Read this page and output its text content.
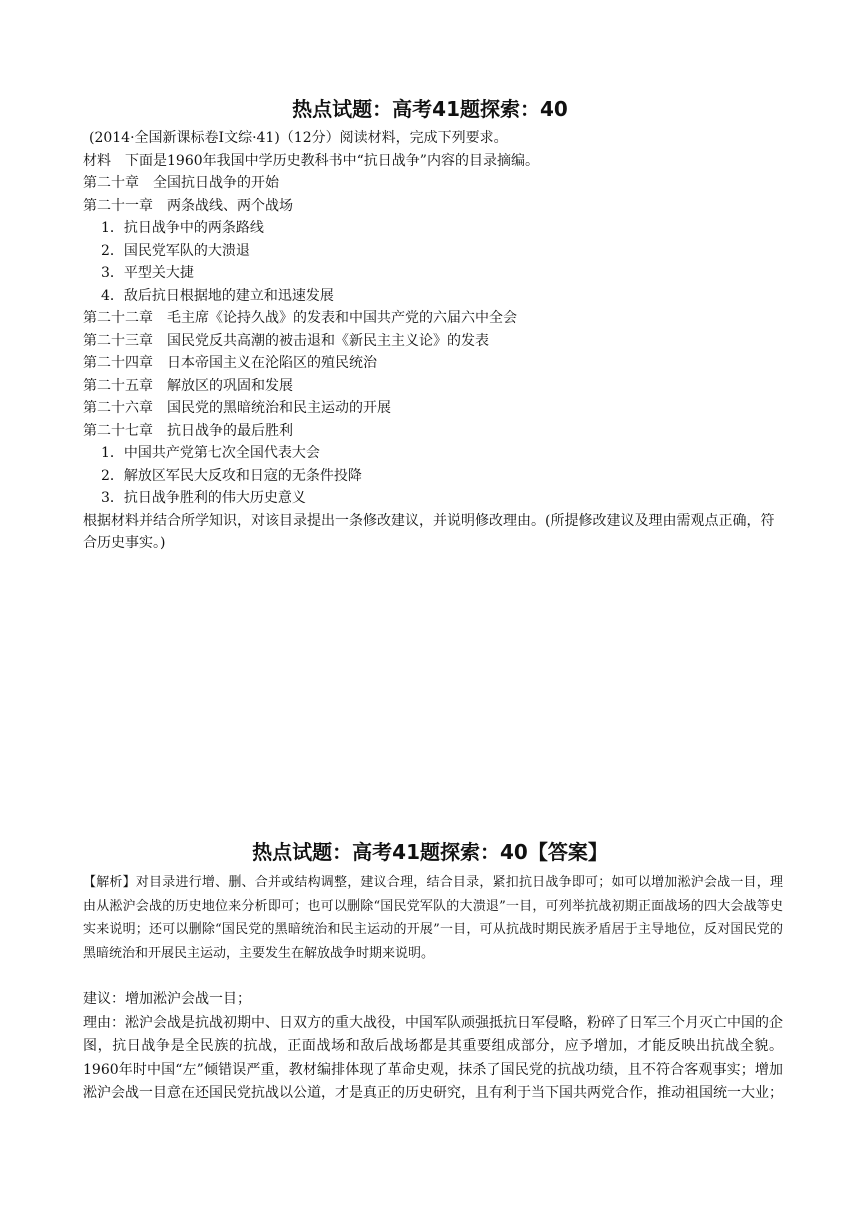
热点试题：高考41题探索：40
(2014·全国新课标卷Ⅰ文综·41)（12分）阅读材料，完成下列要求。
材料　下面是1960年我国中学历史教科书中“抗日战争”内容的目录摘编。
第二十章　全国抗日战争的开始
第二十一章　两条战线、两个战场
1．抗日战争中的两条路线
2．国民党军队的大溃退
3．平型关大捷
4．敌后抗日根据地的建立和迅速发展
第二十二章　毛主席《论持久战》的发表和中国共产党的六届六中全会
第二十三章　国民党反共高潮的被击退和《新民主主义论》的发表
第二十四章　日本帝国主义在沦陷区的殖民统治
第二十五章　解放区的巩固和发展
第二十六章　国民党的黑暗统治和民主运动的开展
第二十七章　抗日战争的最后胜利
1．中国共产党第七次全国代表大会
2．解放区军民大反攻和日寇的无条件投降
3．抗日战争胜利的伟大历史意义
根据材料并结合所学知识，对该目录提出一条修改建议，并说明修改理由。(所提修改建议及理由需观点正确，符合历史事实。)
热点试题：高考41题探索：40【答案】
【解析】对目录进行增、删、合并或结构调整，建议合理，结合目录，紧扣抗日战争即可；如可以增加淞沪会战一目，理由从淞沪会战的历史地位来分析即可；也可以删除“国民党军队的大溃退”一目，可列举抗战初期正面战场的四大会战等史实来说明；还可以删除“国民党的黑暗统治和民主运动的开展”一目，可从抗战时期民族矛盾居于主导地位，反对国民党的黑暗统治和开展民主运动，主要发生在解放战争时期来说明。
建议：增加淞沪会战一目；
理由：淞沪会战是抗战初期中、日双方的重大战役，中国军队顽强抵抗日军侵略，粉碎了日军三个月灭亡中国的企图，抗日战争是全民族的抗战，正面战场和敌后战场都是其重要组成部分，应予增加，才能反映出抗战全貌。1960年时中国“左”倾错误严重，教材编排体现了革命史观，抹杀了国民党的抗战功绩，且不符合客观事实；增加淞沪会战一目意在还国民党抗战以公道，才是真正的历史研究，且有利于当下国共两党合作，推动祖国统一大业；
